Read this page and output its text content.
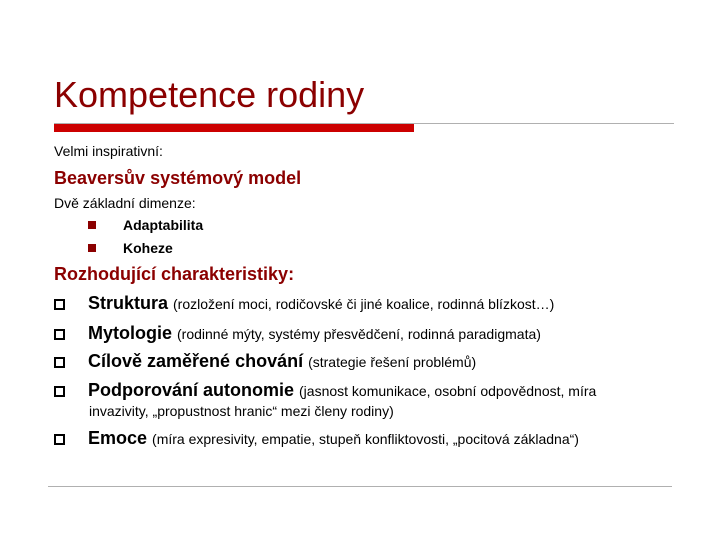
Kompetence rodiny
Velmi inspirativní:
Beaversův systémový model
Dvě základní dimenze:
Adaptabilita
Koheze
Rozhodující charakteristiky:
Struktura (rozložení moci, rodičovské či jiné koalice, rodinná blízkost…)
Mytologie (rodinné mýty, systémy přesvědčení, rodinná paradigmata)
Cílově zaměřené chování (strategie řešení problémů)
Podporování autonomie (jasnost komunikace, osobní odpovědnost, míra
invazivity, „propustnost hranic“ mezi členy rodiny)
Emoce (míra expresivity, empatie, stupeň konfliktovosti, „pocitová základna“)
